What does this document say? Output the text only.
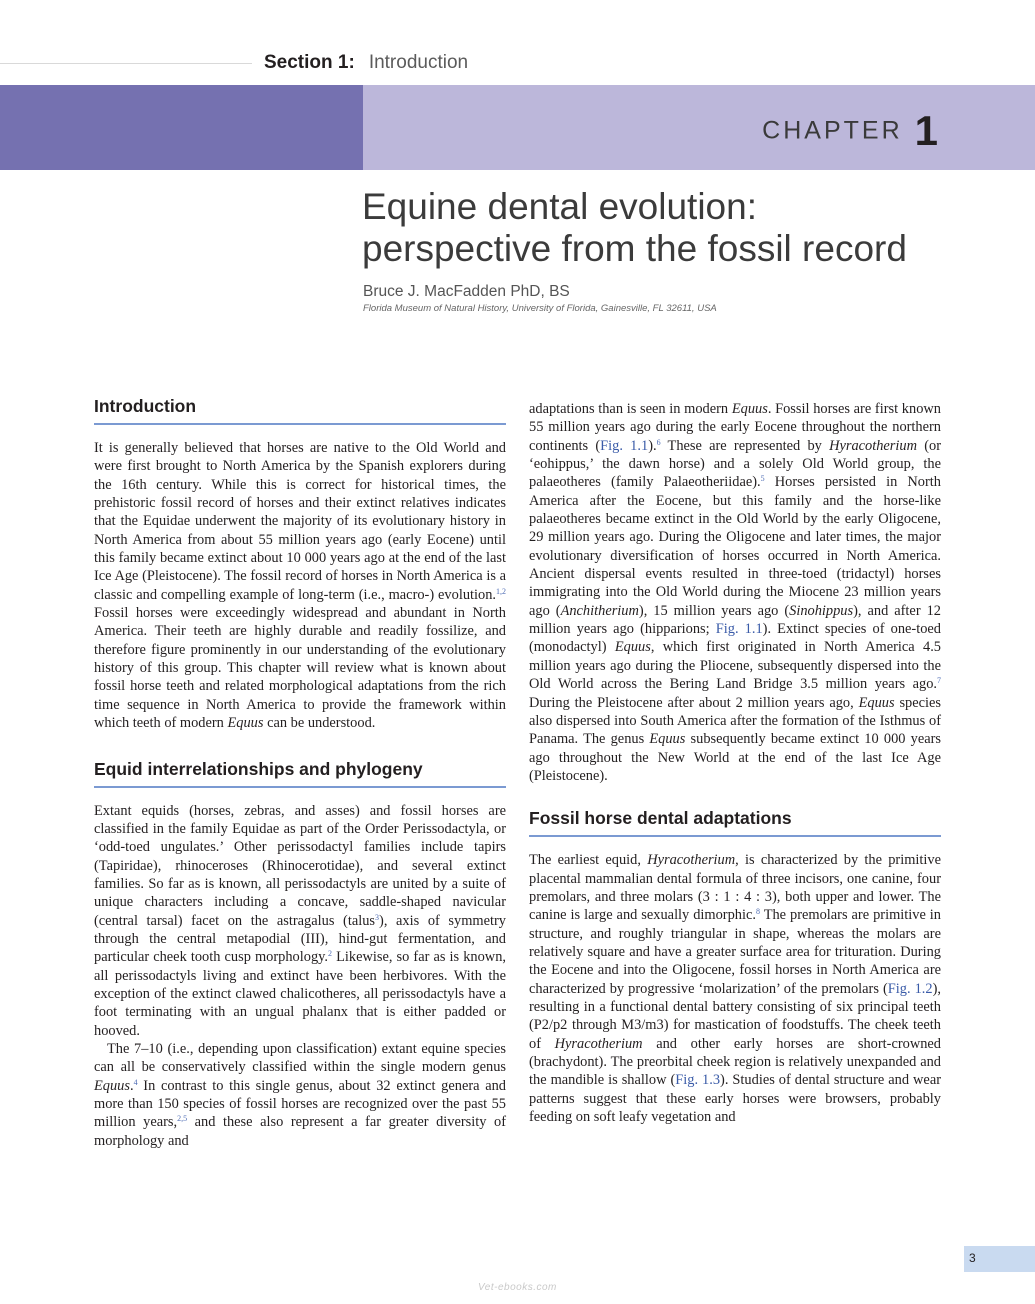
Section 1: Introduction
CHAPTER 1
Equine dental evolution:
perspective from the fossil record
Bruce J. MacFadden PhD, BS
Florida Museum of Natural History, University of Florida, Gainesville, FL 32611, USA
Introduction

It is generally believed that horses are native to the Old World and were first brought to North America by the Spanish explorers during the 16th century. While this is correct for historical times, the prehistoric fossil record of horses and their extinct relatives indicates that the Equidae underwent the majority of its evolutionary history in North America from about 55 million years ago (early Eocene) until this family became extinct about 10 000 years ago at the end of the last Ice Age (Pleistocene). The fossil record of horses in North America is a classic and compelling example of long-term (i.e., macro-) evolution.$^{1,2}$ Fossil horses were exceedingly widespread and abundant in North America. Their teeth are highly durable and readily fossilize, and therefore figure prominently in our understanding of the evolutionary history of this group. This chapter will review what is known about fossil horse teeth and related morphological adaptations from the rich time sequence in North America to provide the framework within which teeth of modern Equus can be understood.

Equid interrelationships and phylogeny

Extant equids (horses, zebras, and asses) and fossil horses are classified in the family Equidae as part of the Order Perissodactyla, or ‘odd-toed ungulates.’ Other perissodactyl families include tapirs (Tapiridae), rhinoceroses (Rhinocerotidae), and several extinct families. So far as is known, all perissodactyls are united by a suite of unique characters including a concave, saddle-shaped navicular (central tarsal) facet on the astragalus (talus$^3$), axis of symmetry through the central metapodial (III), hind-gut fermentation, and particular cheek tooth cusp morphology.$^2$ Likewise, so far as is known, all perissodactyls living and extinct have been herbivores. With the exception of the extinct clawed chalicotheres, all perissodactyls have a foot terminating with an ungual phalanx that is either padded or hooved.

The 7–10 (i.e., depending upon classification) extant equine species can all be conservatively classified within the single modern genus Equus.$^4$ In contrast to this single genus, about 32 extinct genera and more than 150 species of fossil horses are recognized over the past 55 million years,$^{2,5}$ and these also represent a far greater diversity of morphology and

adaptations than is seen in modern Equus. Fossil horses are first known 55 million years ago during the early Eocene throughout the northern continents (Fig. 1.1).$^6$ These are represented by Hyracotherium (or ‘eohippus,’ the dawn horse) and a solely Old World group, the palaeotheres (family Palaeotheriidae).$^5$ Horses persisted in North America after the Eocene, but this family and the horse-like palaeotheres became extinct in the Old World by the early Oligocene, 29 million years ago. During the Oligocene and later times, the major evolutionary diversification of horses occurred in North America. Ancient dispersal events resulted in three-toed (tridactyl) horses immigrating into the Old World during the Miocene 23 million years ago (Anchitherium), 15 million years ago (Sinohippus), and after 12 million years ago (hipparions; Fig. 1.1). Extinct species of one-toed (monodactyl) Equus, which first originated in North America 4.5 million years ago during the Pliocene, subsequently dispersed into the Old World across the Bering Land Bridge 3.5 million years ago.$^7$ During the Pleistocene after about 2 million years ago, Equus species also dispersed into South America after the formation of the Isthmus of Panama. The genus Equus subsequently became extinct 10 000 years ago throughout the New World at the end of the last Ice Age (Pleistocene).

Fossil horse dental adaptations

The earliest equid, Hyracotherium, is characterized by the primitive placental mammalian dental formula of three incisors, one canine, four premolars, and three molars (3 : 1 : 4 : 3), both upper and lower. The canine is large and sexually dimorphic.$^8$ The premolars are primitive in structure, and roughly triangular in shape, whereas the molars are relatively square and have a greater surface area for trituration. During the Eocene and into the Oligocene, fossil horses in North America are characterized by progressive ‘molarization’ of the premolars (Fig. 1.2), resulting in a functional dental battery consisting of six principal teeth (P2/p2 through M3/m3) for mastication of foodstuffs. The cheek teeth of Hyracotherium and other early horses are short-crowned (brachydont). The preorbital cheek region is relatively unexpanded and the mandible is shallow (Fig. 1.3). Studies of dental structure and wear patterns suggest that these early horses were browsers, probably feeding on soft leafy vegetation and

3
Vet-ebooks.com
